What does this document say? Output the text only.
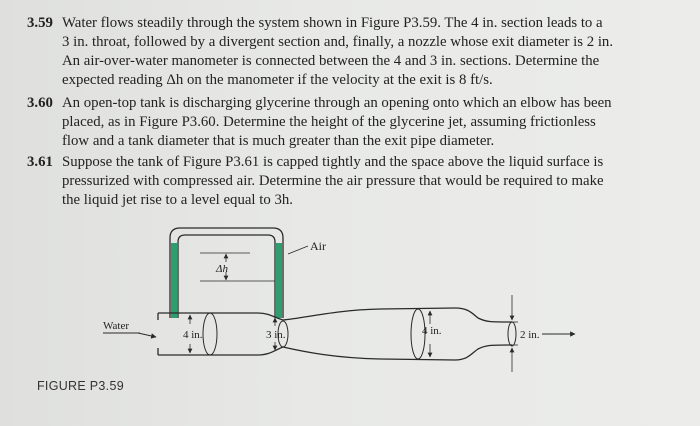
3.59 Water flows steadily through the system shown in Figure P3.59. The 4 in. section leads to a
3 in. throat, followed by a divergent section and, finally, a nozzle whose exit diameter is 2 in.
An air-over-water manometer is connected between the 4 and 3 in. sections. Determine the
expected reading Δh on the manometer if the velocity at the exit is 8 ft/s.
3.60 An open-top tank is discharging glycerine through an opening onto which an elbow has been
placed, as in Figure P3.60. Determine the height of the glycerine jet, assuming frictionless
flow and a tank diameter that is much greater than the exit pipe diameter.
3.61 Suppose the tank of Figure P3.61 is capped tightly and the space above the liquid surface is
pressurized with compressed air. Determine the air pressure that would be required to make
the liquid jet rise to a level equal to 3h.
Δh
Air
Water
4 in.	3 in.	4 in.	2 in.
FIGURE P3.59
